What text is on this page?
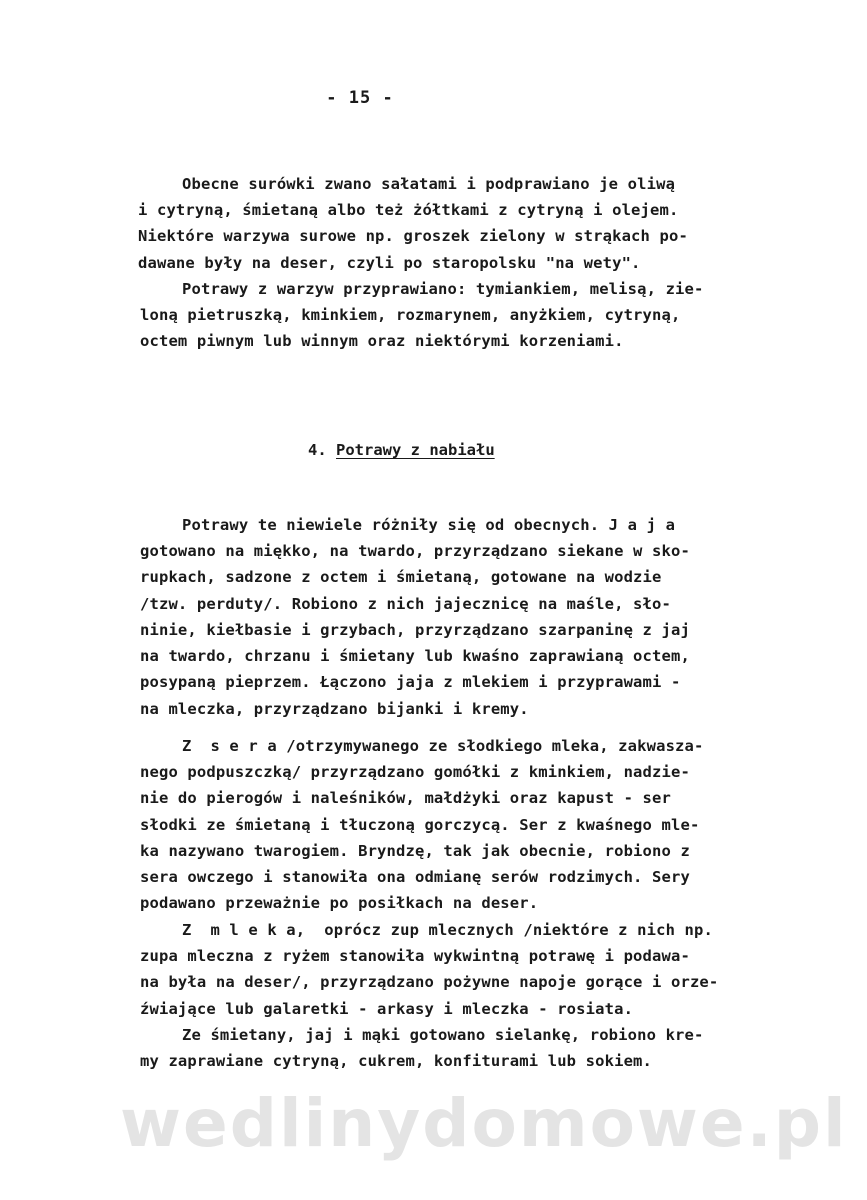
- 15 -
Obecne surówki zwano sałatami i podprawiano je oliwą
i cytryną, śmietaną albo też żółtkami z cytryną i olejem.
Niektóre warzywa surowe np. groszek zielony w strąkach po-
dawane były na deser, czyli po staropolsku "na wety".
Potrawy z warzyw przyprawiano: tymiankiem, melisą, zie-
loną pietruszką, kminkiem, rozmarynem, anyżkiem, cytryną,
octem piwnym lub winnym oraz niektórymi korzeniami.
4. Potrawy z nabiału
Potrawy te niewiele różniły się od obecnych. J a j a
gotowano na miękko, na twardo, przyrządzano siekane w sko-
rupkach, sadzone z octem i śmietaną, gotowane na wodzie
/tzw. perduty/. Robiono z nich jajecznicę na maśle, sło-
ninie, kiełbasie i grzybach, przyrządzano szarpaninę z jaj
na twardo, chrzanu i śmietany lub kwaśno zaprawianą octem,
posypaną pieprzem. Łączono jaja z mlekiem i przyprawami -
na mleczka, przyrządzano bijanki i kremy.
Z  s e r a /otrzymywanego ze słodkiego mleka, zakwasza-
nego podpuszczką/ przyrządzano gomółki z kminkiem, nadzie-
nie do pierogów i naleśników, małdżyki oraz kapust - ser
słodki ze śmietaną i tłuczoną gorczycą. Ser z kwaśnego mle-
ka nazywano twarogiem. Bryndzę, tak jak obecnie, robiono z
sera owczego i stanowiła ona odmianę serów rodzimych. Sery
podawano przeważnie po posiłkach na deser.
Z  m l e k a,  oprócz zup mlecznych /niektóre z nich np.
zupa mleczna z ryżem stanowiła wykwintną potrawę i podawa-
na była na deser/, przyrządzano pożywne napoje gorące i orze-
źwiające lub galaretki - arkasy i mleczka - rosiata.
Ze śmietany, jaj i mąki gotowano sielankę, robiono kre-
my zaprawiane cytryną, cukrem, konfiturami lub sokiem.
wedlinydomowe.pl
